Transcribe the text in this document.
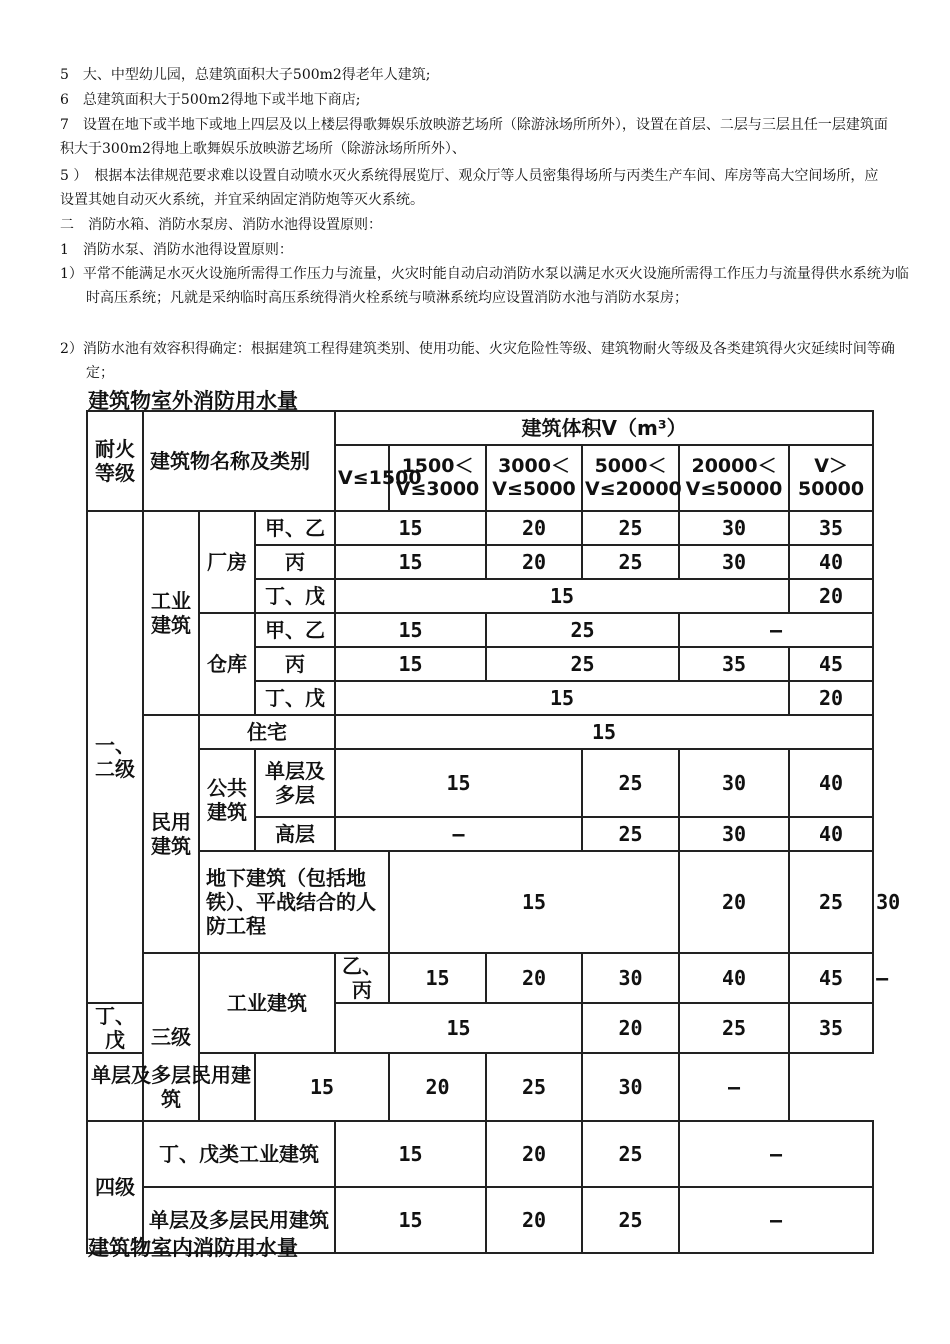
5　大、中型幼儿园，总建筑面积大子500m2得老年人建筑;
6　总建筑面积大于500m2得地下或半地下商店;
7　设置在地下或半地下或地上四层及以上楼层得歌舞娱乐放映游艺场所（除游泳场所所外），设置在首层、二层与三层且任一层建筑面积大于300m2得地上歌舞娱乐放映游艺场所（除游泳场所所外）、
5 ）　根据本法律规范要求难以设置自动喷水灭火系统得展览厅、观众厅等人员密集得场所与丙类生产车间、库房等高大空间场所，应设置其她自动灭火系统，并宜采纳固定消防炮等灭火系统。
二　消防水箱、消防水泵房、消防水池得设置原则：
1　消防水泵、消防水池得设置原则：
1）平常不能满足水灭火设施所需得工作压力与流量，火灾时能自动启动消防水泵以满足水灭火设施所需得工作压力与流量得供水系统为临时高压系统；凡就是采纳临时高压系统得消火栓系统与喷淋系统均应设置消防水池与消防水泵房；
2）消防水池有效容积得确定：根据建筑工程得建筑类别、使用功能、火灾危险性等级、建筑物耐火等级及各类建筑得火灾延续时间等确定；
建筑物室外消防用水量
耐火等级	建筑物名称及类别			建筑体积V（m³）						
				V≤1500	1500＜V≤3000	3000＜V≤5000	5000＜V≤20000	20000＜V≤50000	V＞50000	
一、二级	工业建筑	厂房	甲、乙	15		20	25	30	35	
			丙	15		20	25	30	40	
			丁、戊	15					20	
		仓库	甲、乙	15		25		—		
			丙	15		25		35	45	
			丁、戊	15					20	
	民用建筑	住宅		15						
		公共建筑	单层及多层	15			25	30	40	
			高层	—			25	30	40	
		地下建筑（包括地铁）、平战结合的人防工程			15			20	25	30
	三级	工业建筑		乙、丙	15	20	30	40	45	—
丁、戊				15			20	25	35	
单层及多层民用建筑			15		20	25	30	—		
四级	丁、戊类工业建筑			15		20	25	—		
	单层及多层民用建筑			15		20	25	—		
建筑物室内消防用水量
